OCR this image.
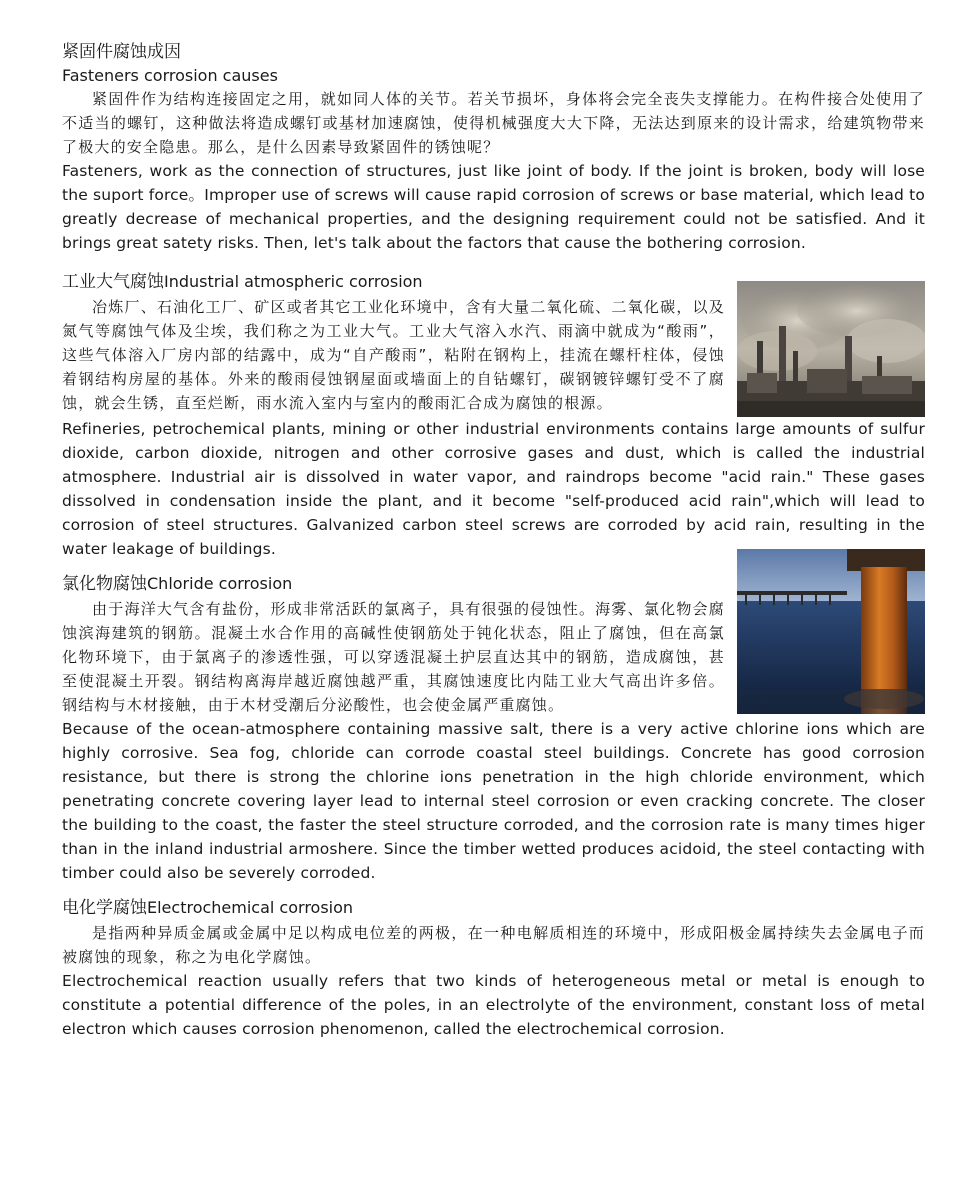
紧固件腐蚀成因

Fasteners corrosion causes

紧固件作为结构连接固定之用，就如同人体的关节。若关节损坏，身体将会完全丧失支撑能力。在构件接合处使用了不适当的螺钉，这种做法将造成螺钉或基材加速腐蚀，使得机械强度大大下降，无法达到原来的设计需求，给建筑物带来了极大的安全隐患。那么，是什么因素导致紧固件的锈蚀呢？

Fasteners, work as the connection of structures, just like joint of body. If the joint is broken, body will lose the suport force。Improper use of screws will cause rapid corrosion of screws or base material, which lead to greatly decrease of mechanical properties, and the designing requirement could not be satisfied. And it brings great satety risks. Then, let's talk about the factors that cause the bothering corrosion.

工业大气腐蚀Industrial atmospheric corrosion

冶炼厂、石油化工厂、矿区或者其它工业化环境中，含有大量二氧化硫、二氧化碳，以及氮气等腐蚀气体及尘埃，我们称之为工业大气。工业大气溶入水汽、雨滴中就成为“酸雨”，这些气体溶入厂房内部的结露中，成为“自产酸雨”，粘附在钢构上，挂流在螺杆柱体，侵蚀着钢结构房屋的基体。外来的酸雨侵蚀钢屋面或墙面上的自钻螺钉，碳钢镀锌螺钉受不了腐蚀，就会生锈，直至烂断，雨水流入室内与室内的酸雨汇合成为腐蚀的根源。

Refineries, petrochemical plants, mining or other industrial environments contains large amounts of sulfur dioxide, carbon dioxide, nitrogen and other corrosive gases and dust, which is called the industrial atmosphere. Industrial air is dissolved in water vapor, and raindrops become "acid rain." These gases dissolved in condensation inside the plant, and it become "self-produced acid rain",which will lead to corrosion of steel structures. Galvanized carbon steel screws are corroded by acid rain, resulting in the water leakage of buildings.

氯化物腐蚀Chloride corrosion

由于海洋大气含有盐份，形成非常活跃的氯离子，具有很强的侵蚀性。海雾、氯化物会腐蚀滨海建筑的钢筋。混凝土水合作用的高碱性使钢筋处于钝化状态，阻止了腐蚀，但在高氯化物环境下，由于氯离子的渗透性强，可以穿透混凝土护层直达其中的钢筋，造成腐蚀，甚至使混凝土开裂。钢结构离海岸越近腐蚀越严重，其腐蚀速度比内陆工业大气高出许多倍。钢结构与木材接触，由于木材受潮后分泌酸性，也会使金属严重腐蚀。

Because of the ocean-atmosphere containing massive salt, there is a very active chlorine ions which are highly corrosive. Sea fog, chloride can corrode coastal steel buildings. Concrete has good corrosion resistance, but there is strong the chlorine ions penetration in the high chloride environment, which penetrating concrete covering layer lead to internal steel corrosion or even cracking concrete. The closer the building to the coast, the faster the steel structure corroded, and the corrosion rate is many times higer than in the inland industrial armoshere. Since the timber wetted produces acidoid, the steel contacting with timber could also be severely corroded.

电化学腐蚀Electrochemical corrosion

是指两种异质金属或金属中足以构成电位差的两极，在一种电解质相连的环境中，形成阳极金属持续失去金属电子而被腐蚀的现象，称之为电化学腐蚀。

Electrochemical reaction usually refers that two kinds of heterogeneous metal or metal is enough to constitute a potential difference of the poles, in an electrolyte of the environment, constant loss of metal electron which causes corrosion phenomenon, called the electrochemical corrosion.
